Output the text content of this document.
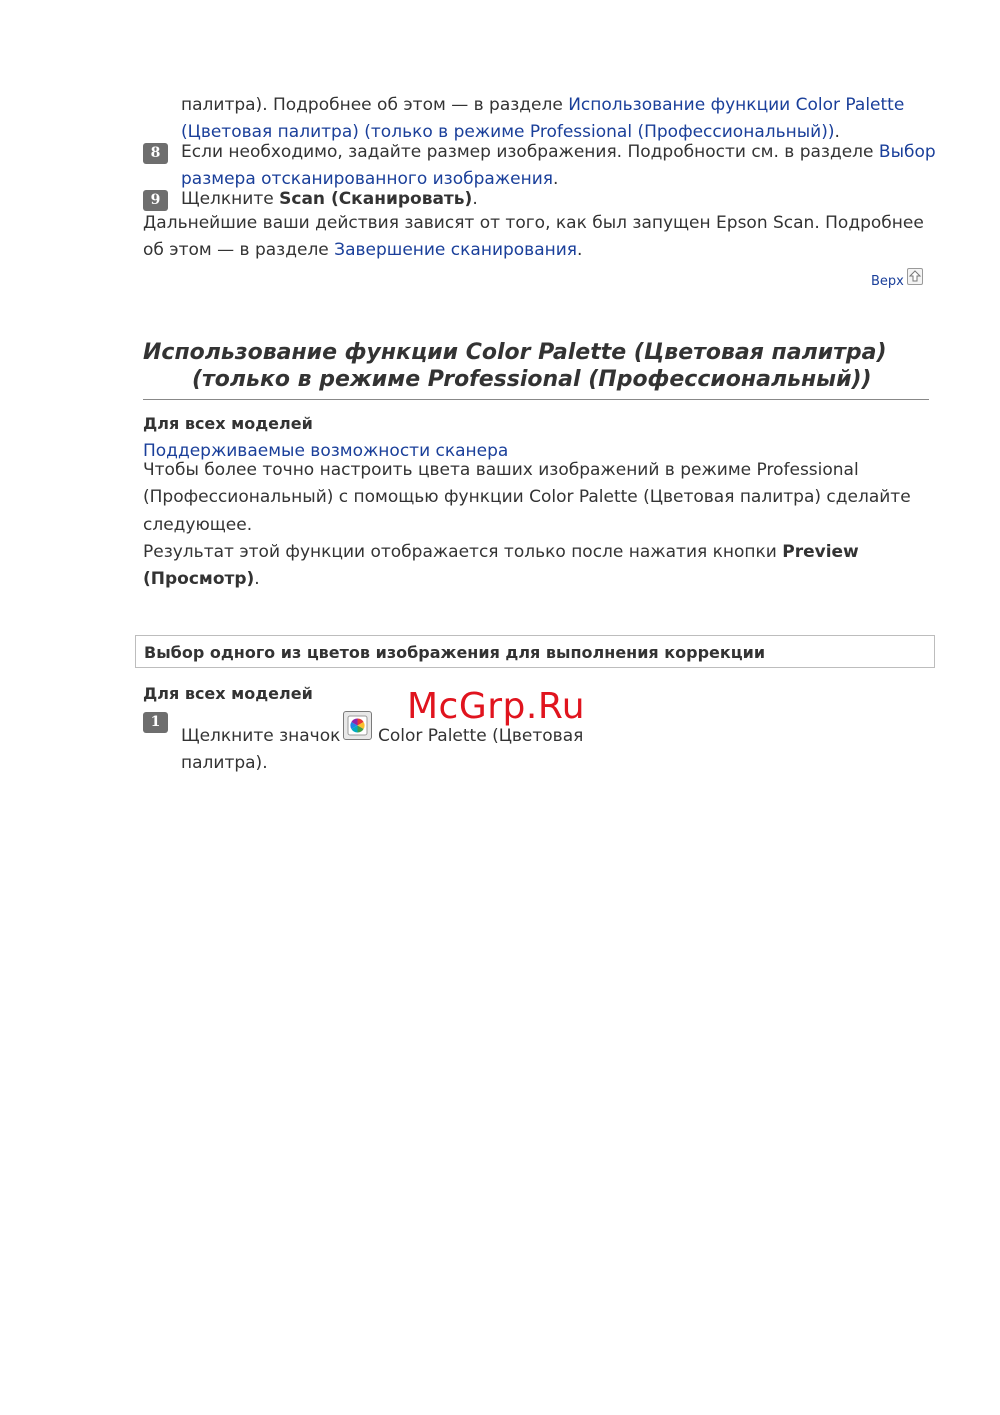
палитра). Подробнее об этом — в разделе Использование функции Color Palette
(Цветовая палитра) (только в режиме Professional (Профессиональный)).
8	Если необходимо, задайте размер изображения. Подробности см. в разделе Выбор
размера отсканированного изображения.
9	Щелкните Scan (Сканировать).
Дальнейшие ваши действия зависят от того, как был запущен Epson Scan. Подробнее
об этом — в разделе Завершение сканирования.
Верх
Использование функции Color Palette (Цветовая палитра)
(только в режиме Professional (Профессиональный))
Для всех моделей
Поддерживаемые возможности сканера
Чтобы более точно настроить цвета ваших изображений в режиме Professional
(Профессиональный) с помощью функции Color Palette (Цветовая палитра) сделайте
следующее.
Результат этой функции отображается только после нажатия кнопки Preview
(Просмотр).
Выбор одного из цветов изображения для выполнения коррекции
Для всех моделей
1
Щелкните значок Color Palette (Цветовая
палитра).
McGrp.Ru
